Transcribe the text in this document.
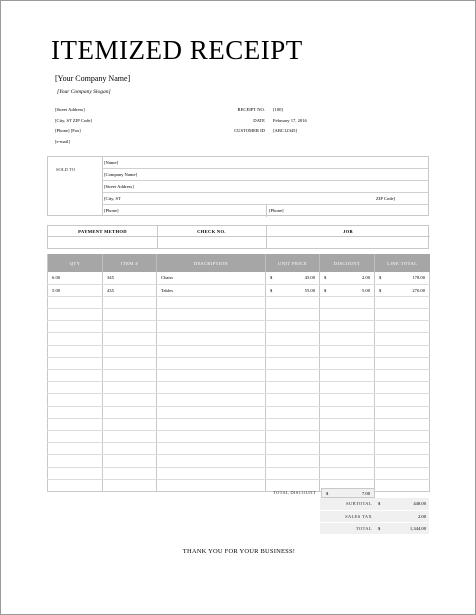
ITEMIZED RECEIPT
[Your Company Name]
[Your Company Slogan]
[Street Address]
[City, ST ZIP Code]
[Phone] [Fax]
[e-mail]
RECEIPT NO. [100]
DATE February 17, 2016
CUSTOMER ID [ABC12345]
SOLD TO
[Name]
[Company Name]
[Street Address]
[City, ST	ZIP Code]
[Phone]	[Phone]
PAYMENT METHOD	CHECK NO.	JOB
QTY	ITEM #	DESCRIPTION	UNIT PRICE	DISCOUNT	LINE TOTAL
6.00	345	Chairs	$ 45.00	$ 2.00	$ 178.00

5.00	435	Tables	$ 55.00	$ 5.00	$ 270.00

TOTAL DISCOUNT $	7.00
SUBTOTAL	$ 448.00

SALES TAX	2.00

TOTAL	$ 1,344.00
THANK YOU FOR YOUR BUSINESS!
